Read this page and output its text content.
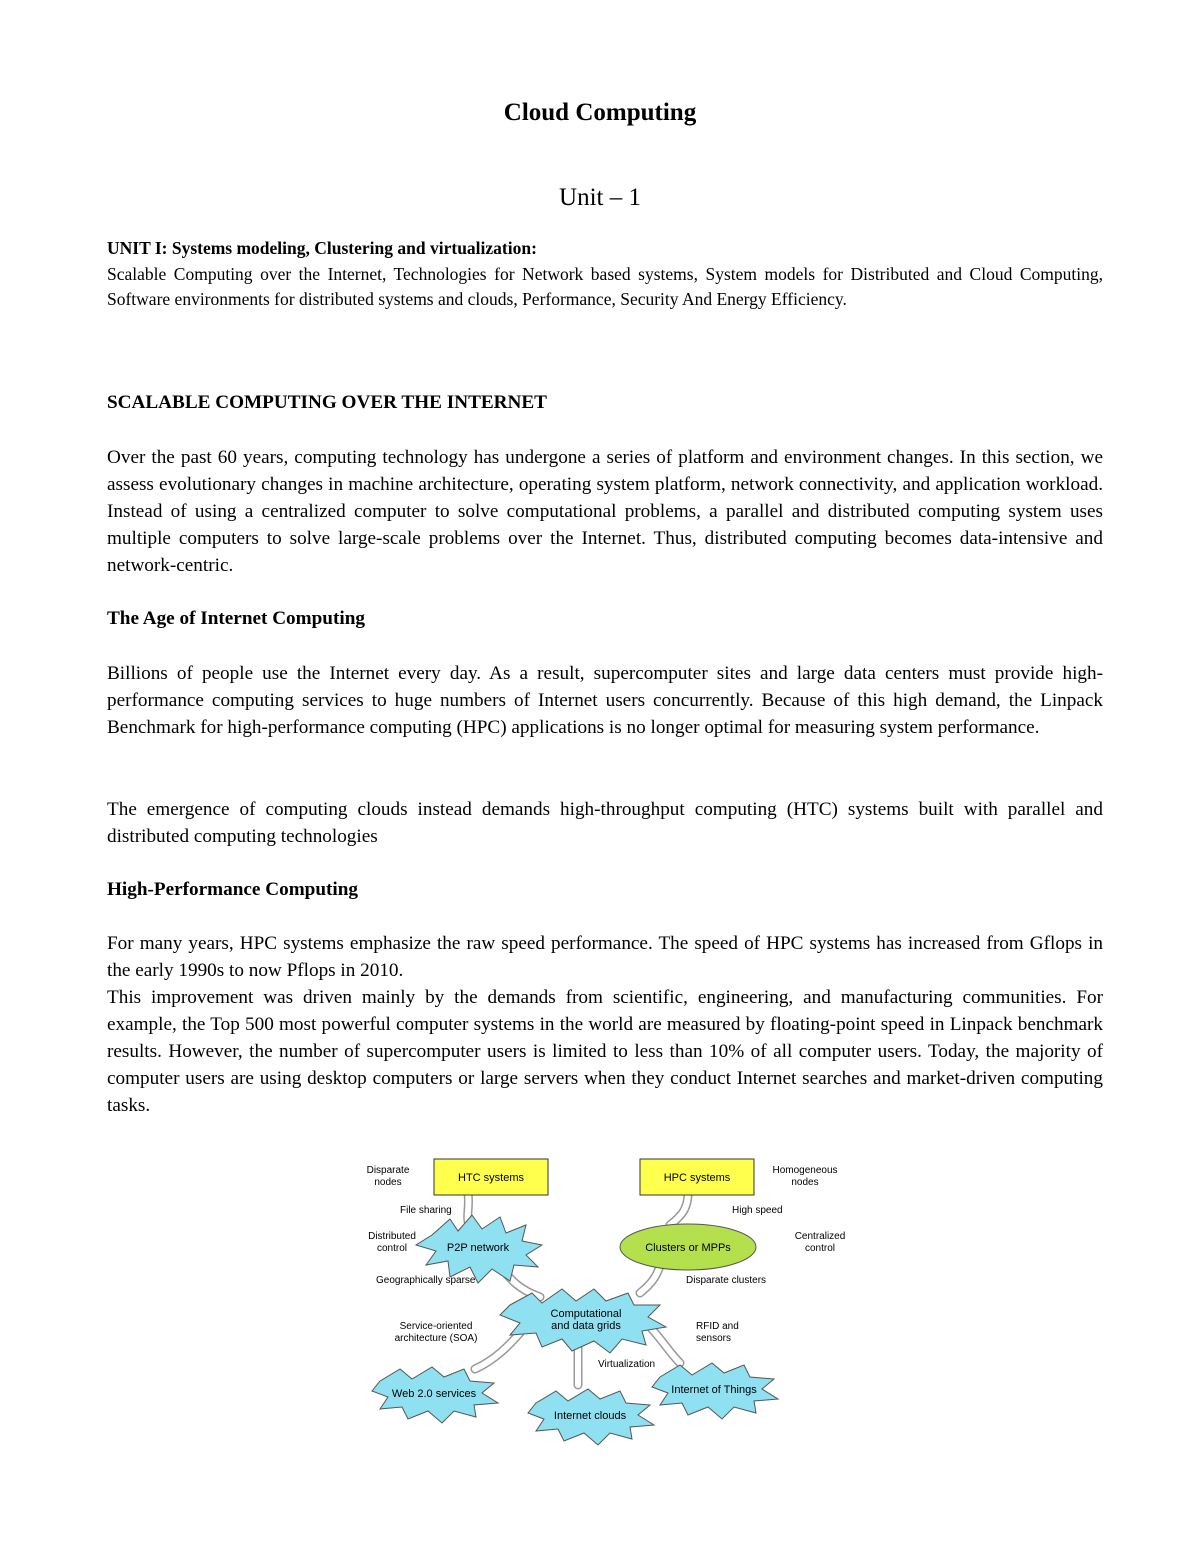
Cloud Computing
Unit – 1
UNIT I: Systems modeling, Clustering and virtualization:

Scalable Computing over the Internet, Technologies for Network based systems, System models for Distributed and Cloud Computing, Software environments for distributed systems and clouds, Performance, Security And Energy Efficiency.

SCALABLE COMPUTING OVER THE INTERNET

Over the past 60 years, computing technology has undergone a series of platform and environment changes. In this section, we assess evolutionary changes in machine architecture, operating system platform, network connectivity, and application workload. Instead of using a centralized computer to solve computational problems, a parallel and distributed computing system uses multiple computers to solve large-scale problems over the Internet. Thus, distributed computing becomes data-intensive and network-centric.

The Age of Internet Computing

Billions of people use the Internet every day. As a result, supercomputer sites and large data centers must provide high-performance computing services to huge numbers of Internet users concurrently. Because of this high demand, the Linpack Benchmark for high-performance computing (HPC) applications is no longer optimal for measuring system performance.

The emergence of computing clouds instead demands high-throughput computing (HTC) systems built with parallel and distributed computing technologies

High-Performance Computing

For many years, HPC systems emphasize the raw speed performance. The speed of HPC systems has increased from Gflops in the early 1990s to now Pflops in 2010.

This improvement was driven mainly by the demands from scientific, engineering, and manufacturing communities. For example, the Top 500 most powerful computer systems in the world are measured by floating-point speed in Linpack benchmark results. However, the number of supercomputer users is limited to less than 10% of all computer users. Today, the majority of computer users are using desktop computers or large servers when they conduct Internet searches and market-driven computing tasks.

HTC systems	HPC systems
Disparate
nodes
Homogeneous
nodes
File sharing	High speed
P2P network	Clusters or MPPs
Distributed
control
Centralized
control
Geographically sparse	Disparate clusters
Computational
and data grids
Service-oriented
architecture (SOA)
RFID and
sensors
Virtualization
Web 2.0 services
Internet clouds
Internet of Things
